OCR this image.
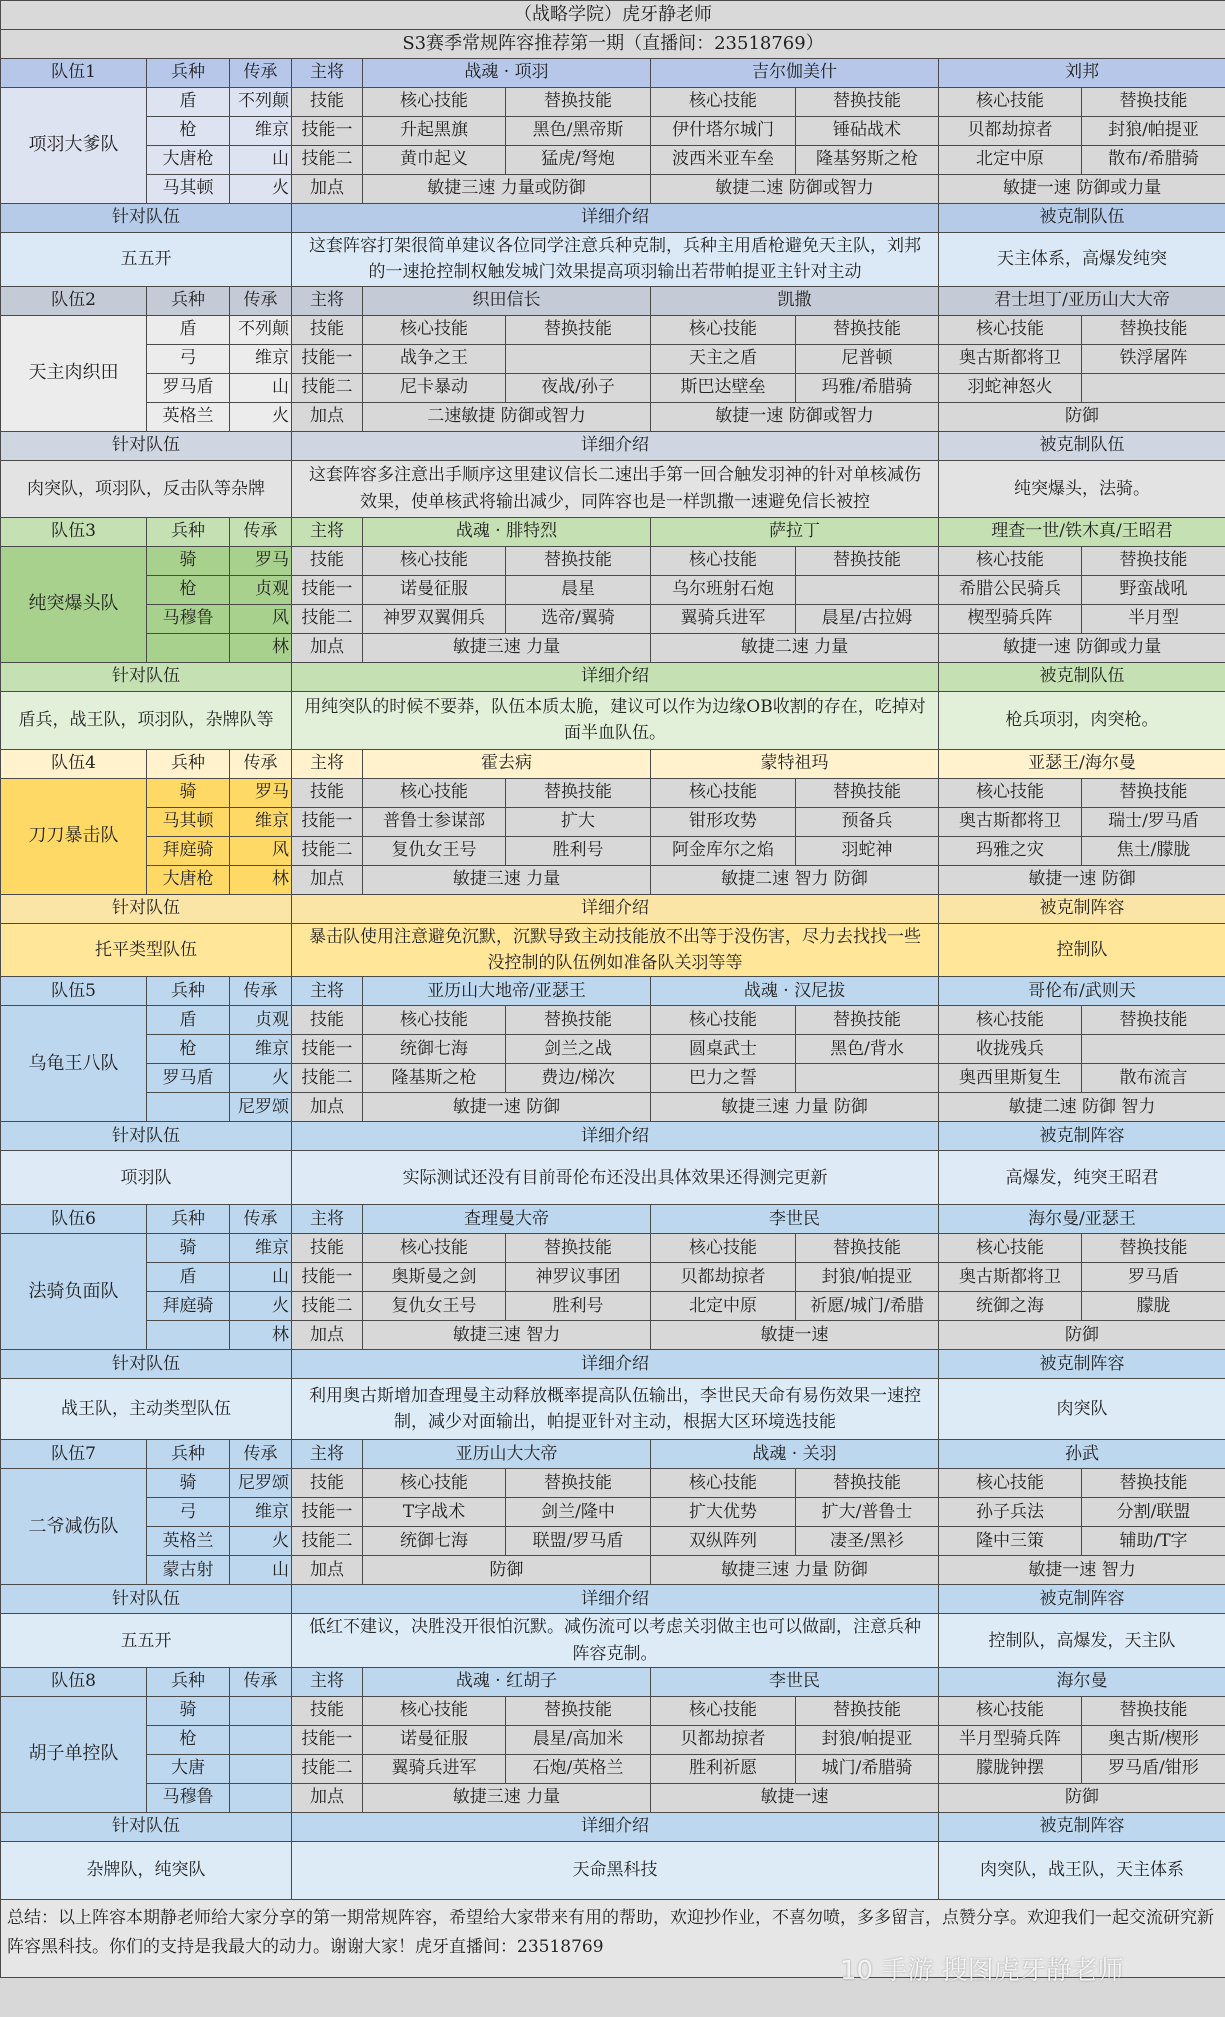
（战略学院）虎牙静老师									
S3赛季常规阵容推荐第一期（直播间：23518769）									
队伍1	兵种	传承	主将	战魂 · 项羽		吉尔伽美什		刘邦	
项羽大爹队	盾	不列颠	技能	核心技能	替换技能	核心技能	替换技能	核心技能	替换技能
	枪	维京	技能一	升起黑旗	黑色/黑帝斯	伊什塔尔城门	锤砧战术	贝都劫掠者	封狼/帕提亚
	大唐枪	山	技能二	黄巾起义	猛虎/弩炮	波西米亚车垒	隆基努斯之枪	北定中原	散布/希腊骑
	马其顿	火	加点	敏捷三速 力量或防御		敏捷二速 防御或智力		敏捷一速 防御或力量	
针对队伍			详细介绍					被克制队伍	
五五开			这套阵容打架很简单建议各位同学注意兵种克制，兵种主用盾枪避免天主队，刘邦的一速抢控制权触发城门效果提高项羽输出若带帕提亚主针对主动					天主体系，高爆发纯突	
队伍2	兵种	传承	主将	织田信长		凯撒		君士坦丁/亚历山大大帝	
天主肉织田	盾	不列颠	技能	核心技能	替换技能	核心技能	替换技能	核心技能	替换技能
	弓	维京	技能一	战争之王		天主之盾	尼普顿	奥古斯都将卫	铁浮屠阵
	罗马盾	山	技能二	尼卡暴动	夜战/孙子	斯巴达壁垒	玛雅/希腊骑	羽蛇神怒火	
	英格兰	火	加点	二速敏捷 防御或智力		敏捷一速 防御或智力		防御	
针对队伍			详细介绍					被克制队伍	
肉突队，项羽队，反击队等杂牌			这套阵容多注意出手顺序这里建议信长二速出手第一回合触发羽神的针对单核减伤效果，使单核武将输出减少，同阵容也是一样凯撒一速避免信长被控					纯突爆头，法骑。	
队伍3	兵种	传承	主将	战魂 · 腓特烈		萨拉丁		理查一世/铁木真/王昭君	
纯突爆头队	骑	罗马	技能	核心技能	替换技能	核心技能	替换技能	核心技能	替换技能
	枪	贞观	技能一	诺曼征服	晨星	乌尔班射石炮		希腊公民骑兵	野蛮战吼
	马穆鲁	风	技能二	神罗双翼佣兵	选帝/翼骑	翼骑兵进军	晨星/古拉姆	楔型骑兵阵	半月型
		林	加点	敏捷三速 力量		敏捷二速 力量		敏捷一速 防御或力量	
针对队伍			详细介绍					被克制队伍	
盾兵，战王队，项羽队，杂牌队等			用纯突队的时候不要莽，队伍本质太脆，建议可以作为边缘OB收割的存在，吃掉对面半血队伍。					枪兵项羽，肉突枪。	
队伍4	兵种	传承	主将	霍去病		蒙特祖玛		亚瑟王/海尔曼	
刀刀暴击队	骑	罗马	技能	核心技能	替换技能	核心技能	替换技能	核心技能	替换技能
	马其顿	维京	技能一	普鲁士参谋部	扩大	钳形攻势	预备兵	奥古斯都将卫	瑞士/罗马盾
	拜庭骑	风	技能二	复仇女王号	胜利号	阿金库尔之焰	羽蛇神	玛雅之灾	焦土/朦胧
	大唐枪	林	加点	敏捷三速 力量		敏捷二速 智力 防御		敏捷一速 防御	
针对队伍			详细介绍					被克制阵容	
托平类型队伍			暴击队使用注意避免沉默，沉默导致主动技能放不出等于没伤害，尽力去找找一些没控制的队伍例如准备队关羽等等					控制队	
队伍5	兵种	传承	主将	亚历山大地帝/亚瑟王		战魂 · 汉尼拔		哥伦布/武则天	
乌龟王八队	盾	贞观	技能	核心技能	替换技能	核心技能	替换技能	核心技能	替换技能
	枪	维京	技能一	统御七海	剑兰之战	圆桌武士	黑色/背水	收拢残兵	
	罗马盾	火	技能二	隆基斯之枪	费边/梯次	巴力之誓		奥西里斯复生	散布流言
		尼罗颂	加点	敏捷一速 防御		敏捷三速 力量 防御		敏捷二速 防御 智力	
针对队伍			详细介绍					被克制阵容	
项羽队			实际测试还没有目前哥伦布还没出具体效果还得测完更新					高爆发，纯突王昭君	
队伍6	兵种	传承	主将	查理曼大帝		李世民		海尔曼/亚瑟王	
法骑负面队	骑	维京	技能	核心技能	替换技能	核心技能	替换技能	核心技能	替换技能
	盾	山	技能一	奥斯曼之剑	神罗议事团	贝都劫掠者	封狼/帕提亚	奥古斯都将卫	罗马盾
	拜庭骑	火	技能二	复仇女王号	胜利号	北定中原	祈愿/城门/希腊	统御之海	朦胧
		林	加点	敏捷三速 智力		敏捷一速		防御	
针对队伍			详细介绍					被克制阵容	
战王队，主动类型队伍			利用奥古斯增加查理曼主动释放概率提高队伍输出，李世民天命有易伤效果一速控制，减少对面输出，帕提亚针对主动，根据大区环境选技能					肉突队	
队伍7	兵种	传承	主将	亚历山大大帝		战魂 · 关羽		孙武	
二爷减伤队	骑	尼罗颂	技能	核心技能	替换技能	核心技能	替换技能	核心技能	替换技能
	弓	维京	技能一	T字战术	剑兰/隆中	扩大优势	扩大/普鲁士	孙子兵法	分割/联盟
	英格兰	火	技能二	统御七海	联盟/罗马盾	双纵阵列	凄圣/黑衫	隆中三策	辅助/T字
	蒙古射	山	加点	防御		敏捷三速 力量 防御		敏捷一速 智力	
针对队伍			详细介绍					被克制阵容	
五五开			低红不建议，决胜没开很怕沉默。减伤流可以考虑关羽做主也可以做副，注意兵种阵容克制。					控制队，高爆发，天主队	
队伍8	兵种	传承	主将	战魂 · 红胡子		李世民		海尔曼	
胡子单控队	骑		技能	核心技能	替换技能	核心技能	替换技能	核心技能	替换技能
	枪		技能一	诺曼征服	晨星/高加米	贝都劫掠者	封狼/帕提亚	半月型骑兵阵	奥古斯/楔形
	大唐		技能二	翼骑兵进军	石炮/英格兰	胜利祈愿	城门/希腊骑	朦胧钟摆	罗马盾/钳形
	马穆鲁		加点	敏捷三速 力量		敏捷一速		防御	
针对队伍			详细介绍					被克制阵容	
杂牌队，纯突队			天命黑科技					肉突队，战王队，天主体系	
总结：以上阵容本期静老师给大家分享的第一期常规阵容，希望给大家带来有用的帮助，欢迎抄作业，不喜勿喷，多多留言，点赞分享。欢迎我们一起交流研究新阵容黑科技。你们的支持是我最大的动力。谢谢大家！虎牙直播间：23518769									
10 手游 搜图虎牙静老师
